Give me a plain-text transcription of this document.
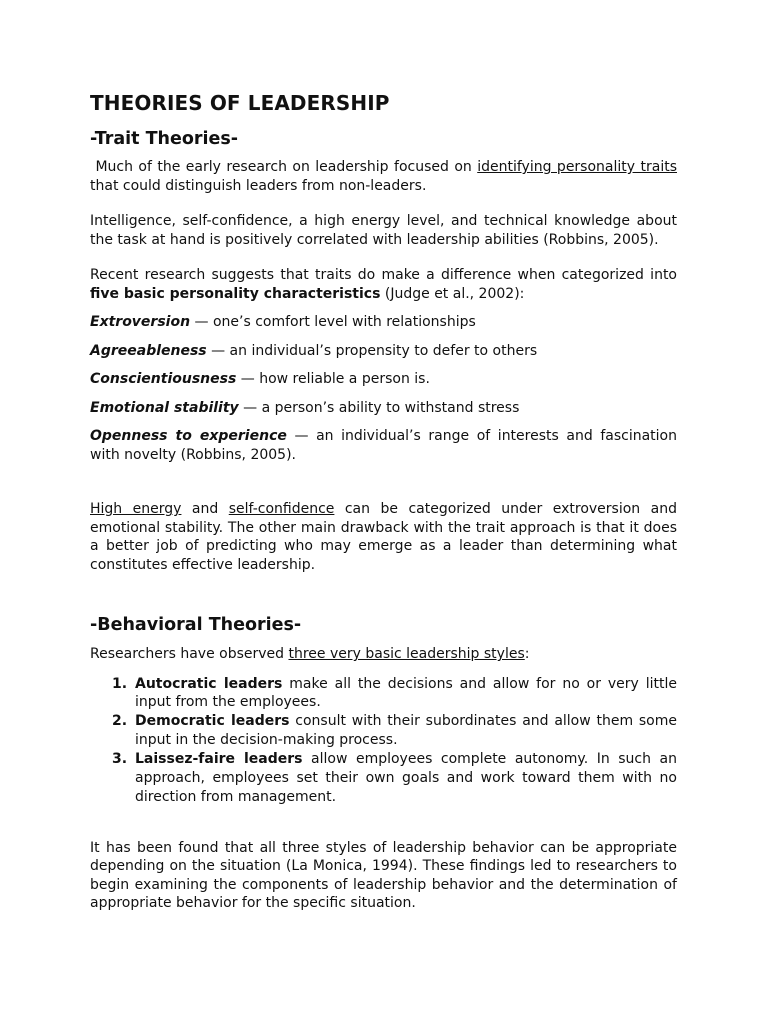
THEORIES OF LEADERSHIP
-Trait Theories-

Much of the early research on leadership focused on identifying personality traits that could distinguish leaders from non-leaders.

Intelligence, self-confidence, a high energy level, and technical knowledge about the task at hand is positively correlated with leadership abilities (Robbins, 2005).

Recent research suggests that traits do make a difference when categorized into five basic personality characteristics (Judge et al., 2002):

Extroversion — one’s comfort level with relationships

Agreeableness — an individual’s propensity to defer to others

Conscientiousness — how reliable a person is.

Emotional stability — a person’s ability to withstand stress

Openness to experience — an individual’s range of interests and fascination with novelty (Robbins, 2005).

High energy and self-confidence can be categorized under extroversion and emotional stability. The other main drawback with the trait approach is that it does a better job of predicting who may emerge as a leader than determining what constitutes effective leadership.

-Behavioral Theories-

Researchers have observed three very basic leadership styles:

1. Autocratic leaders make all the decisions and allow for no or very little input from the employees.
2. Democratic leaders consult with their subordinates and allow them some input in the decision-making process.
3. Laissez-faire leaders allow employees complete autonomy. In such an approach, employees set their own goals and work toward them with no direction from management.

It has been found that all three styles of leadership behavior can be appropriate depending on the situation (La Monica, 1994). These findings led to researchers to begin examining the components of leadership behavior and the determination of appropriate behavior for the specific situation.
